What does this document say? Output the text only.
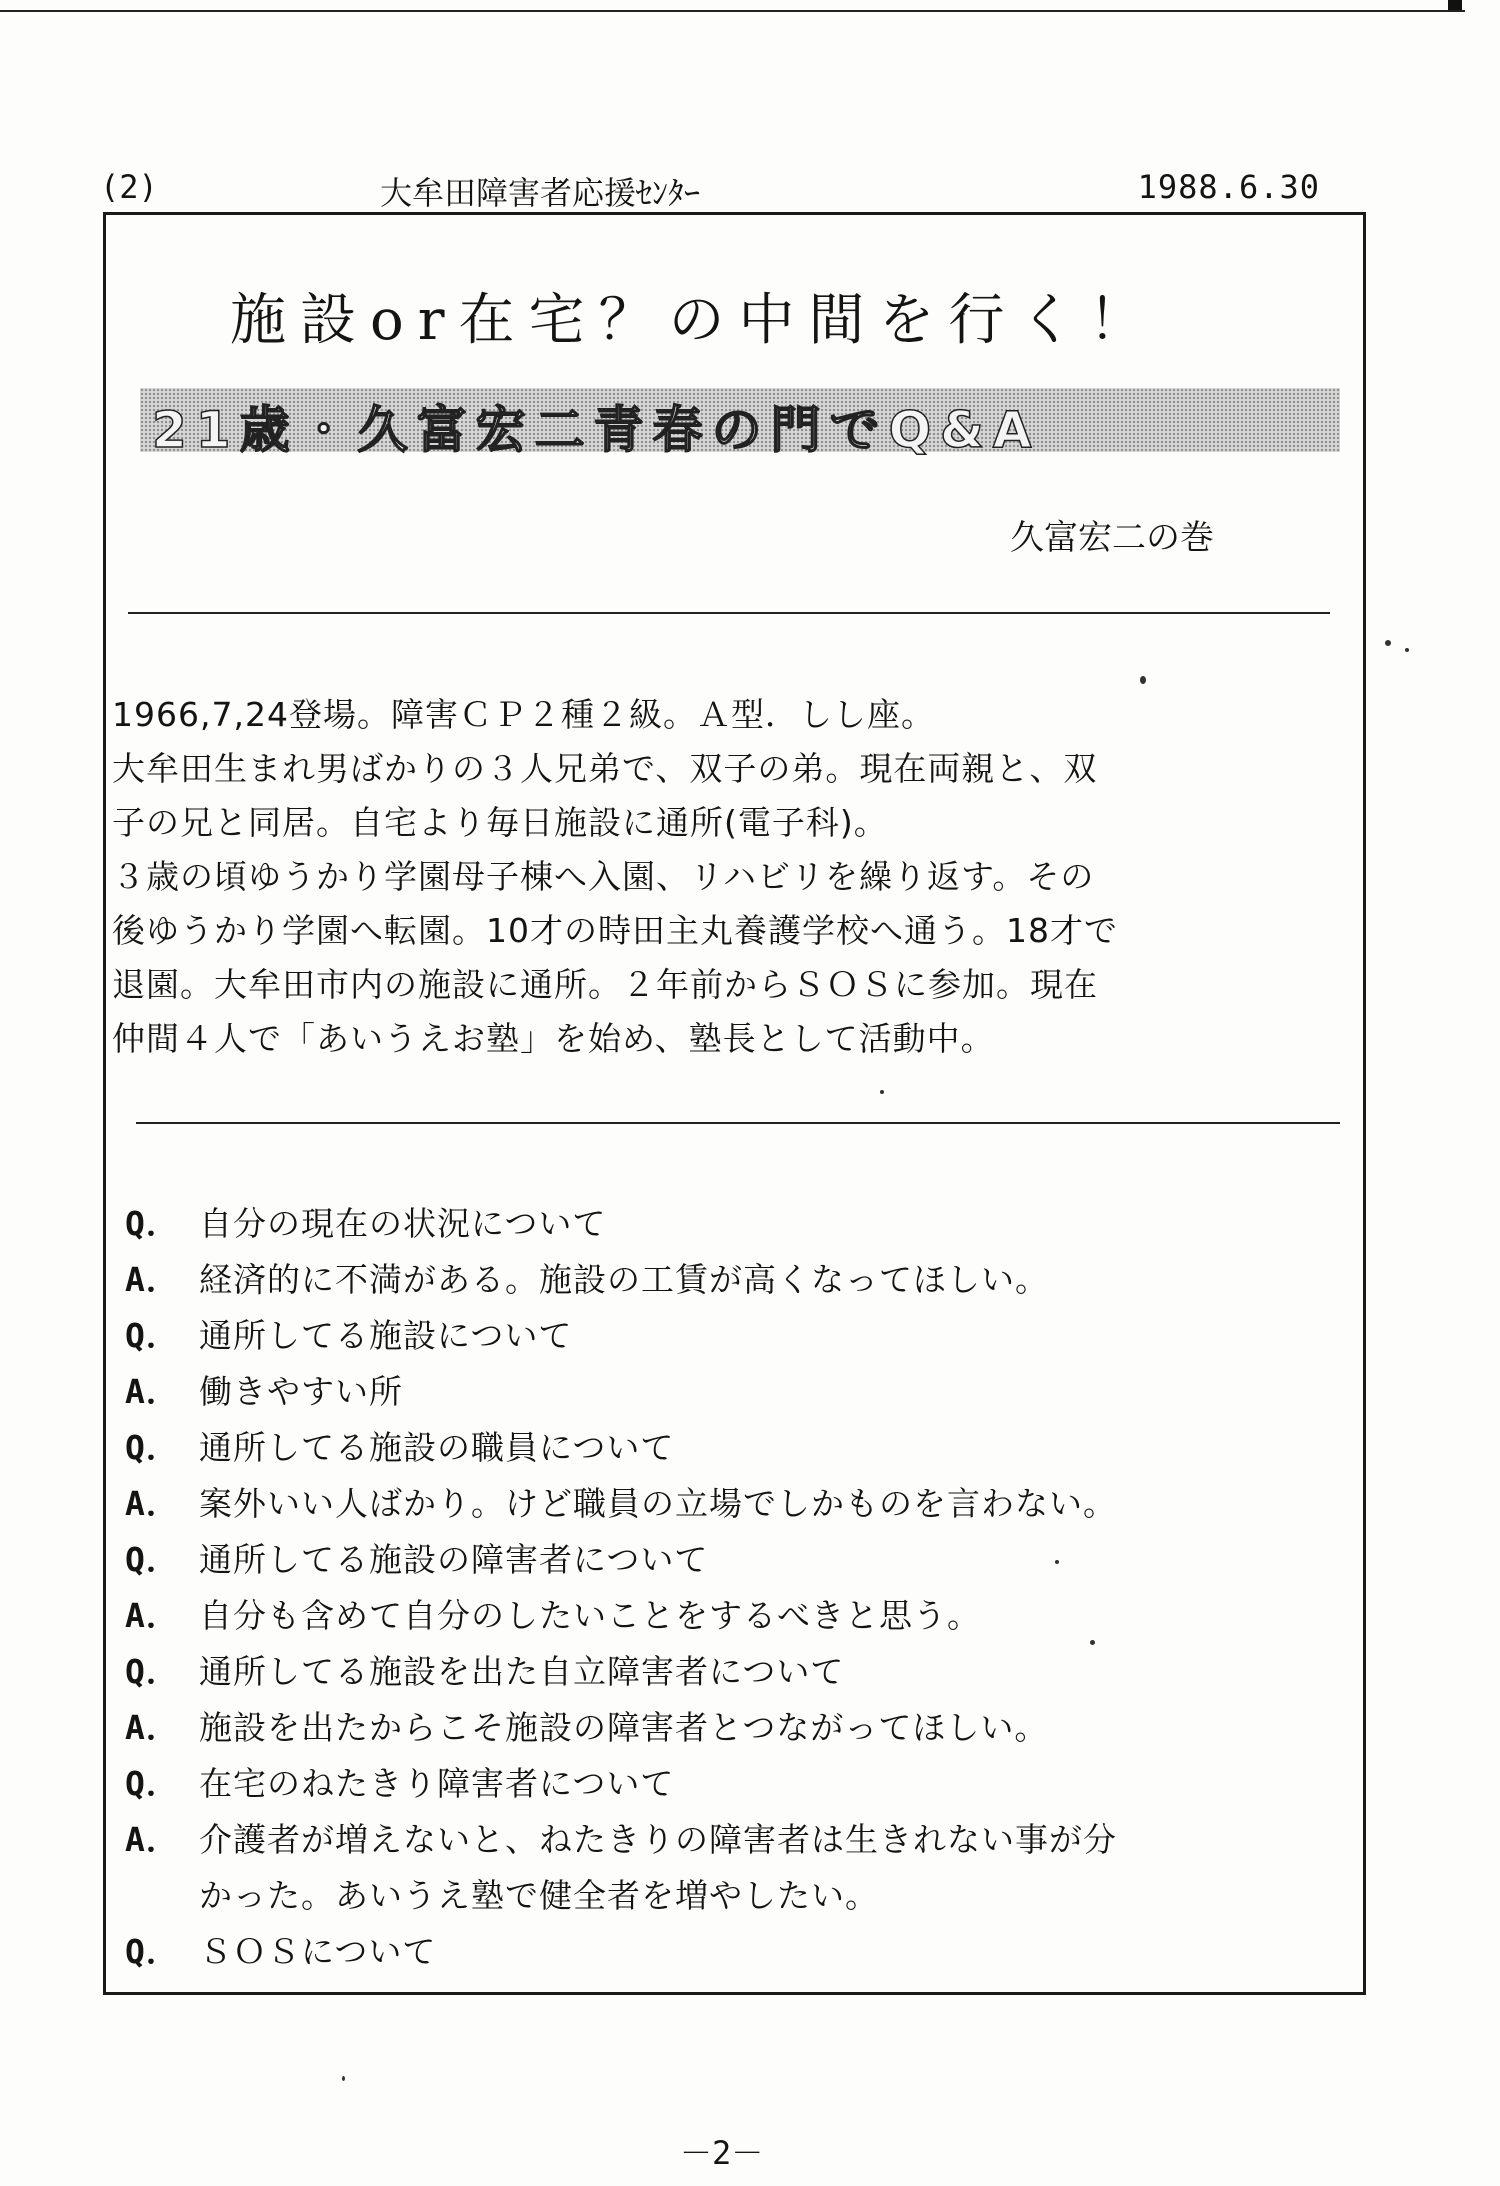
(2)	大牟田障害者応援ｾﾝﾀｰ	1988.6.30
施設or在宅？の中間を行く！
21歳・久富宏二青春の門でQ&A
久富宏二の巻
1966,7,24登場。障害ＣＰ２種２級。Ａ型．しし座。
大牟田生まれ男ばかりの３人兄弟で、双子の弟。現在両親と、双
子の兄と同居。自宅より毎日施設に通所(電子科)。
３歳の頃ゆうかり学園母子棟へ入園、リハビリを繰り返す。その
後ゆうかり学園へ転園。10才の時田主丸養護学校へ通う。18才で
退園。大牟田市内の施設に通所。２年前からＳＯＳに参加。現在
仲間４人で「あいうえお塾」を始め、塾長として活動中。
Q． 自分の現在の状況について
A． 経済的に不満がある。施設の工賃が高くなってほしい。
Q． 通所してる施設について
A． 働きやすい所
Q． 通所してる施設の職員について
A． 案外いい人ばかり。けど職員の立場でしかものを言わない。
Q． 通所してる施設の障害者について
A． 自分も含めて自分のしたいことをするべきと思う。
Q． 通所してる施設を出た自立障害者について
A． 施設を出たからこそ施設の障害者とつながってほしい。
Q． 在宅のねたきり障害者について
A． 介護者が増えないと、ねたきりの障害者は生きれない事が分
かった。あいうえ塾で健全者を増やしたい。
Q． ＳＯＳについて
－2－
